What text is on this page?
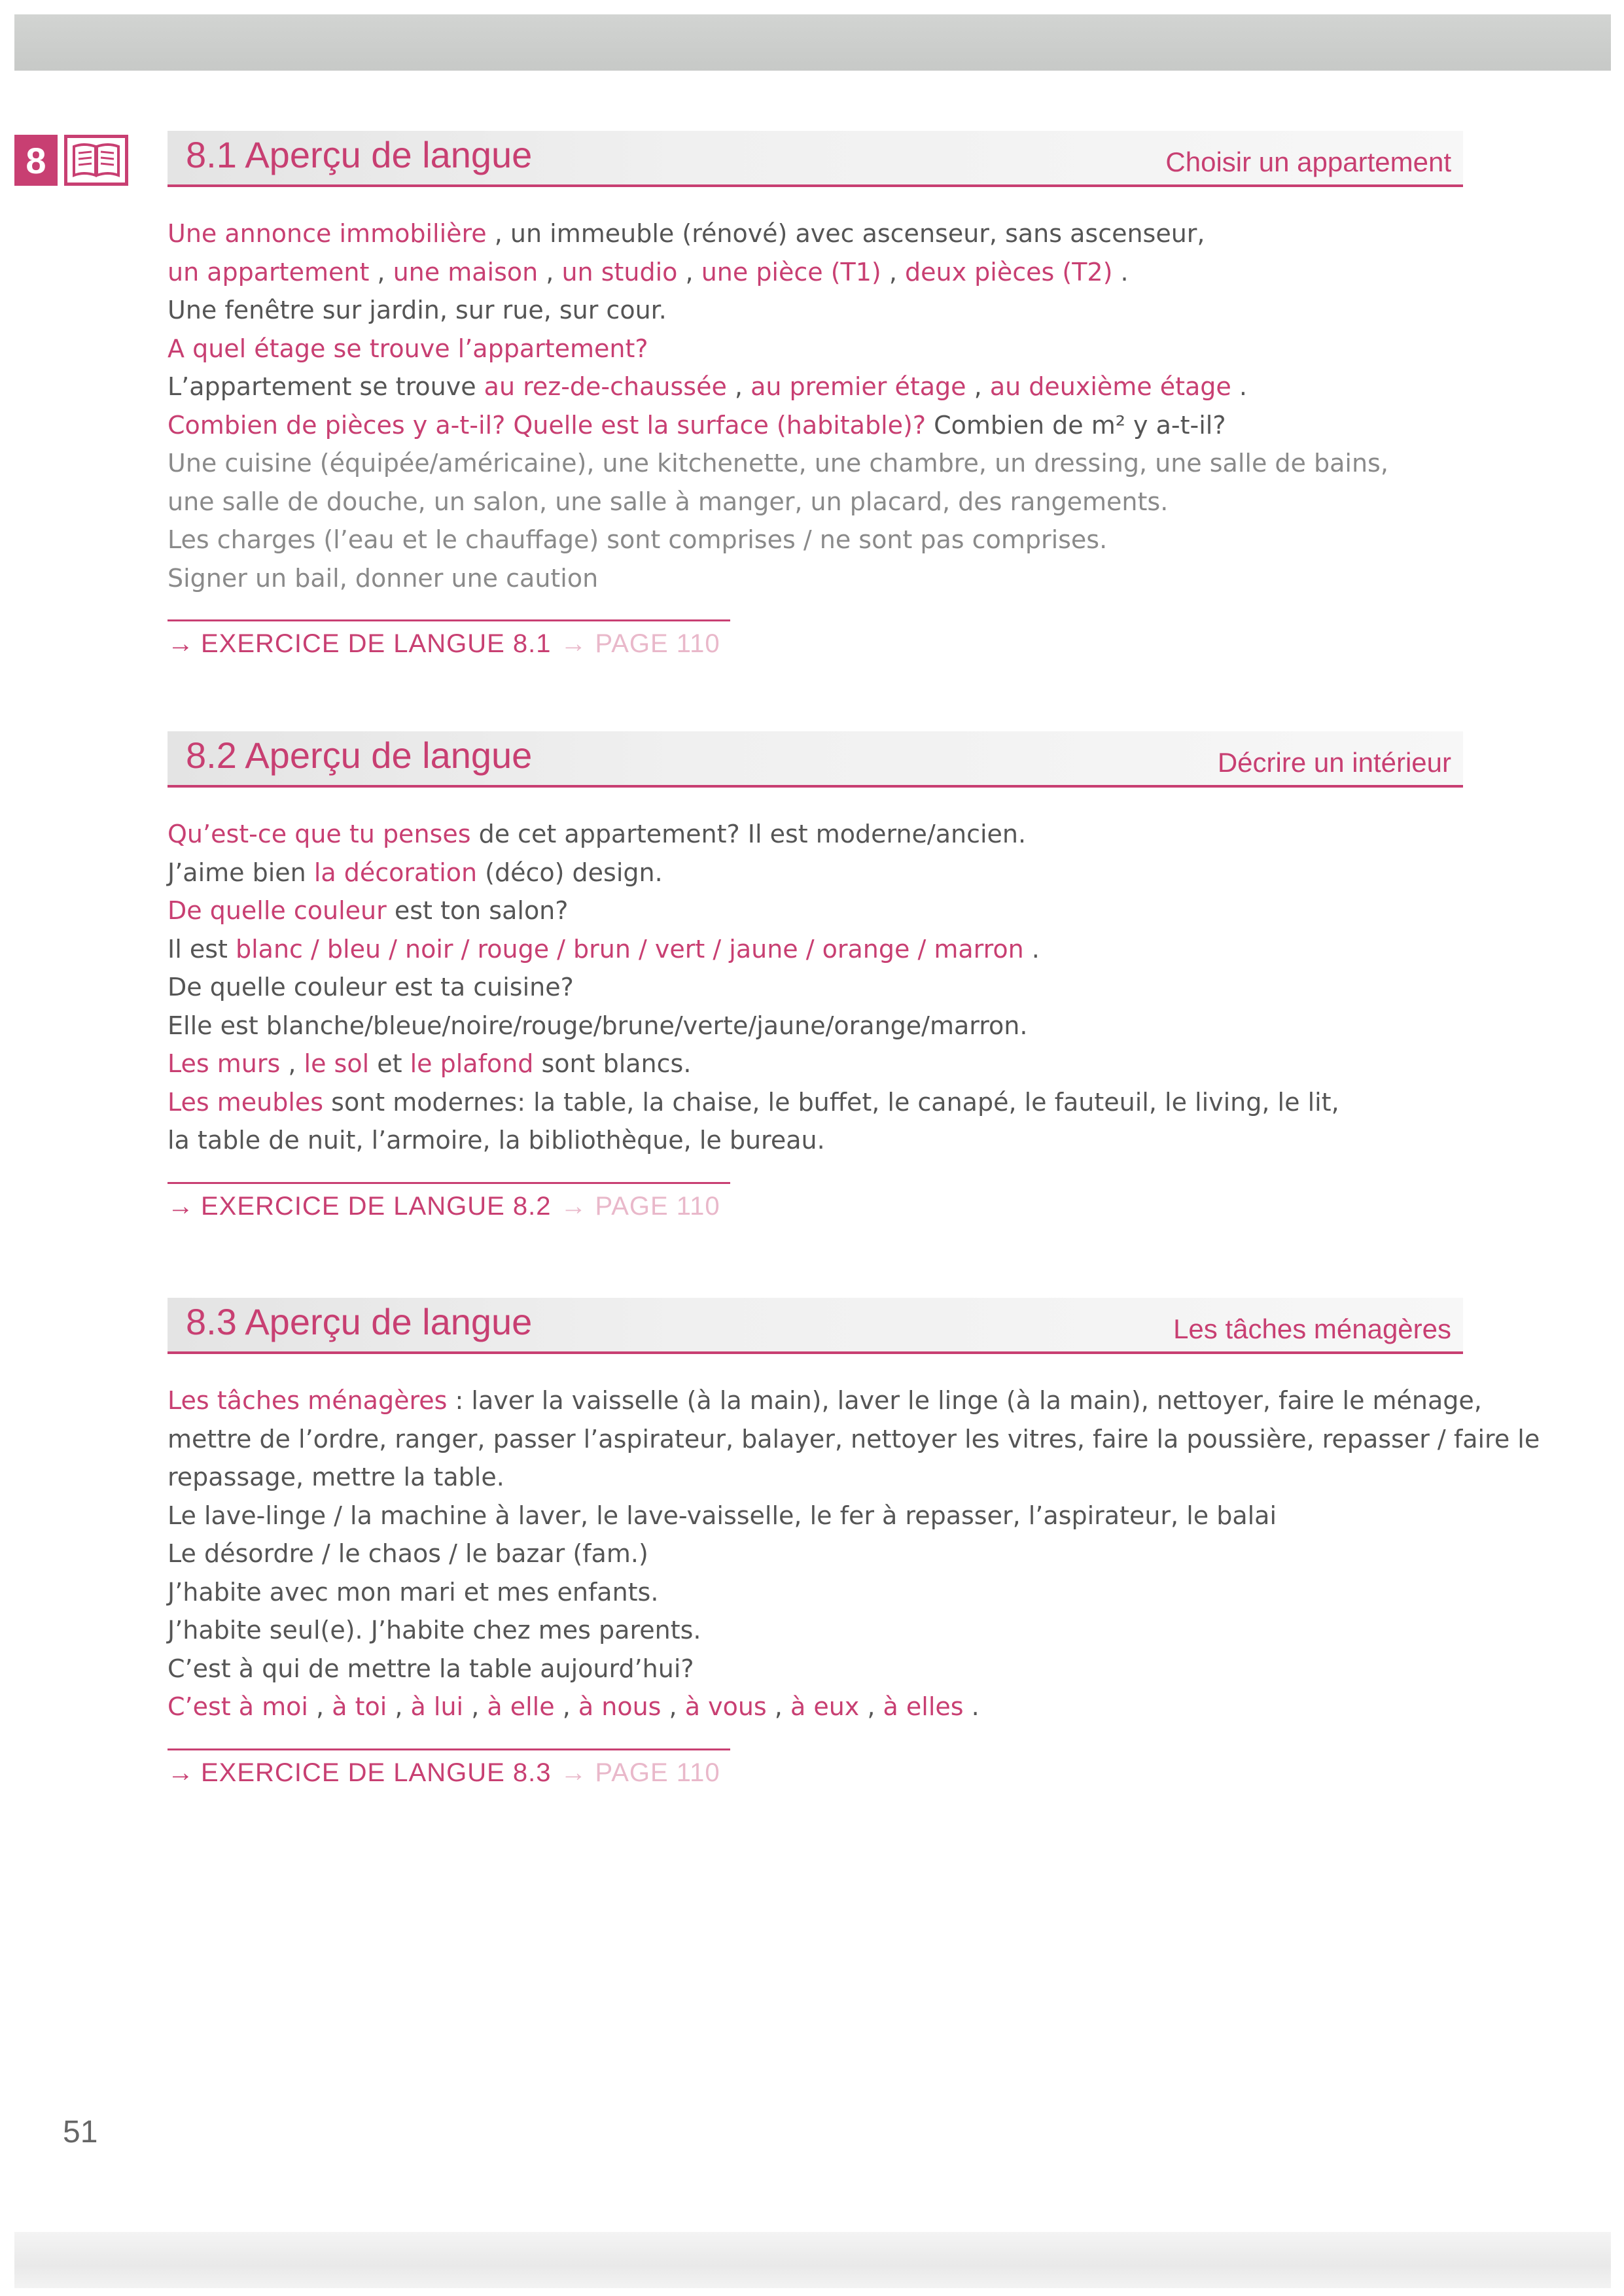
8	8.1 Aperçu de langue	Choisir un appartement
Une annonce immobilière , un immeuble (rénové) avec ascenseur, sans ascenseur,
un appartement , une maison , un studio , une pièce (T1) , deux pièces (T2) .
Une fenêtre sur jardin, sur rue, sur cour.
A quel étage se trouve l’appartement?
L’appartement se trouve au rez-de-chaussée , au premier étage , au deuxième étage .
Combien de pièces y a-t-il? Quelle est la surface (habitable)? Combien de m² y a-t-il?
Une cuisine (équipée/américaine), une kitchenette, une chambre, un dressing, une salle de bains,
une salle de douche, un salon, une salle à manger, un placard, des rangements.
Les charges (l’eau et le chauffage) sont comprises / ne sont pas comprises.
Signer un bail, donner une caution
→ EXERCICE DE LANGUE 8.1 → PAGE 110
8.2 Aperçu de langue	Décrire un intérieur
Qu’est-ce que tu penses de cet appartement? Il est moderne/ancien.
J’aime bien la décoration (déco) design.
De quelle couleur est ton salon?
Il est blanc / bleu / noir / rouge / brun / vert / jaune / orange / marron .
De quelle couleur est ta cuisine?
Elle est blanche/bleue/noire/rouge/brune/verte/jaune/orange/marron.
Les murs , le sol et le plafond sont blancs.
Les meubles sont modernes: la table, la chaise, le buffet, le canapé, le fauteuil, le living, le lit,
la table de nuit, l’armoire, la bibliothèque, le bureau.
→ EXERCICE DE LANGUE 8.2 → PAGE 110
8.3 Aperçu de langue	Les tâches ménagères
Les tâches ménagères : laver la vaisselle (à la main), laver le linge (à la main), nettoyer, faire le ménage,
mettre de l’ordre, ranger, passer l’aspirateur, balayer, nettoyer les vitres, faire la poussière, repasser / faire le
repassage, mettre la table.
Le lave-linge / la machine à laver, le lave-vaisselle, le fer à repasser, l’aspirateur, le balai
Le désordre / le chaos / le bazar (fam.)
J’habite avec mon mari et mes enfants.
J’habite seul(e). J’habite chez mes parents.
C’est à qui de mettre la table aujourd’hui?
C’est à moi , à toi , à lui , à elle , à nous , à vous , à eux , à elles .
→ EXERCICE DE LANGUE 8.3 → PAGE 110
51
